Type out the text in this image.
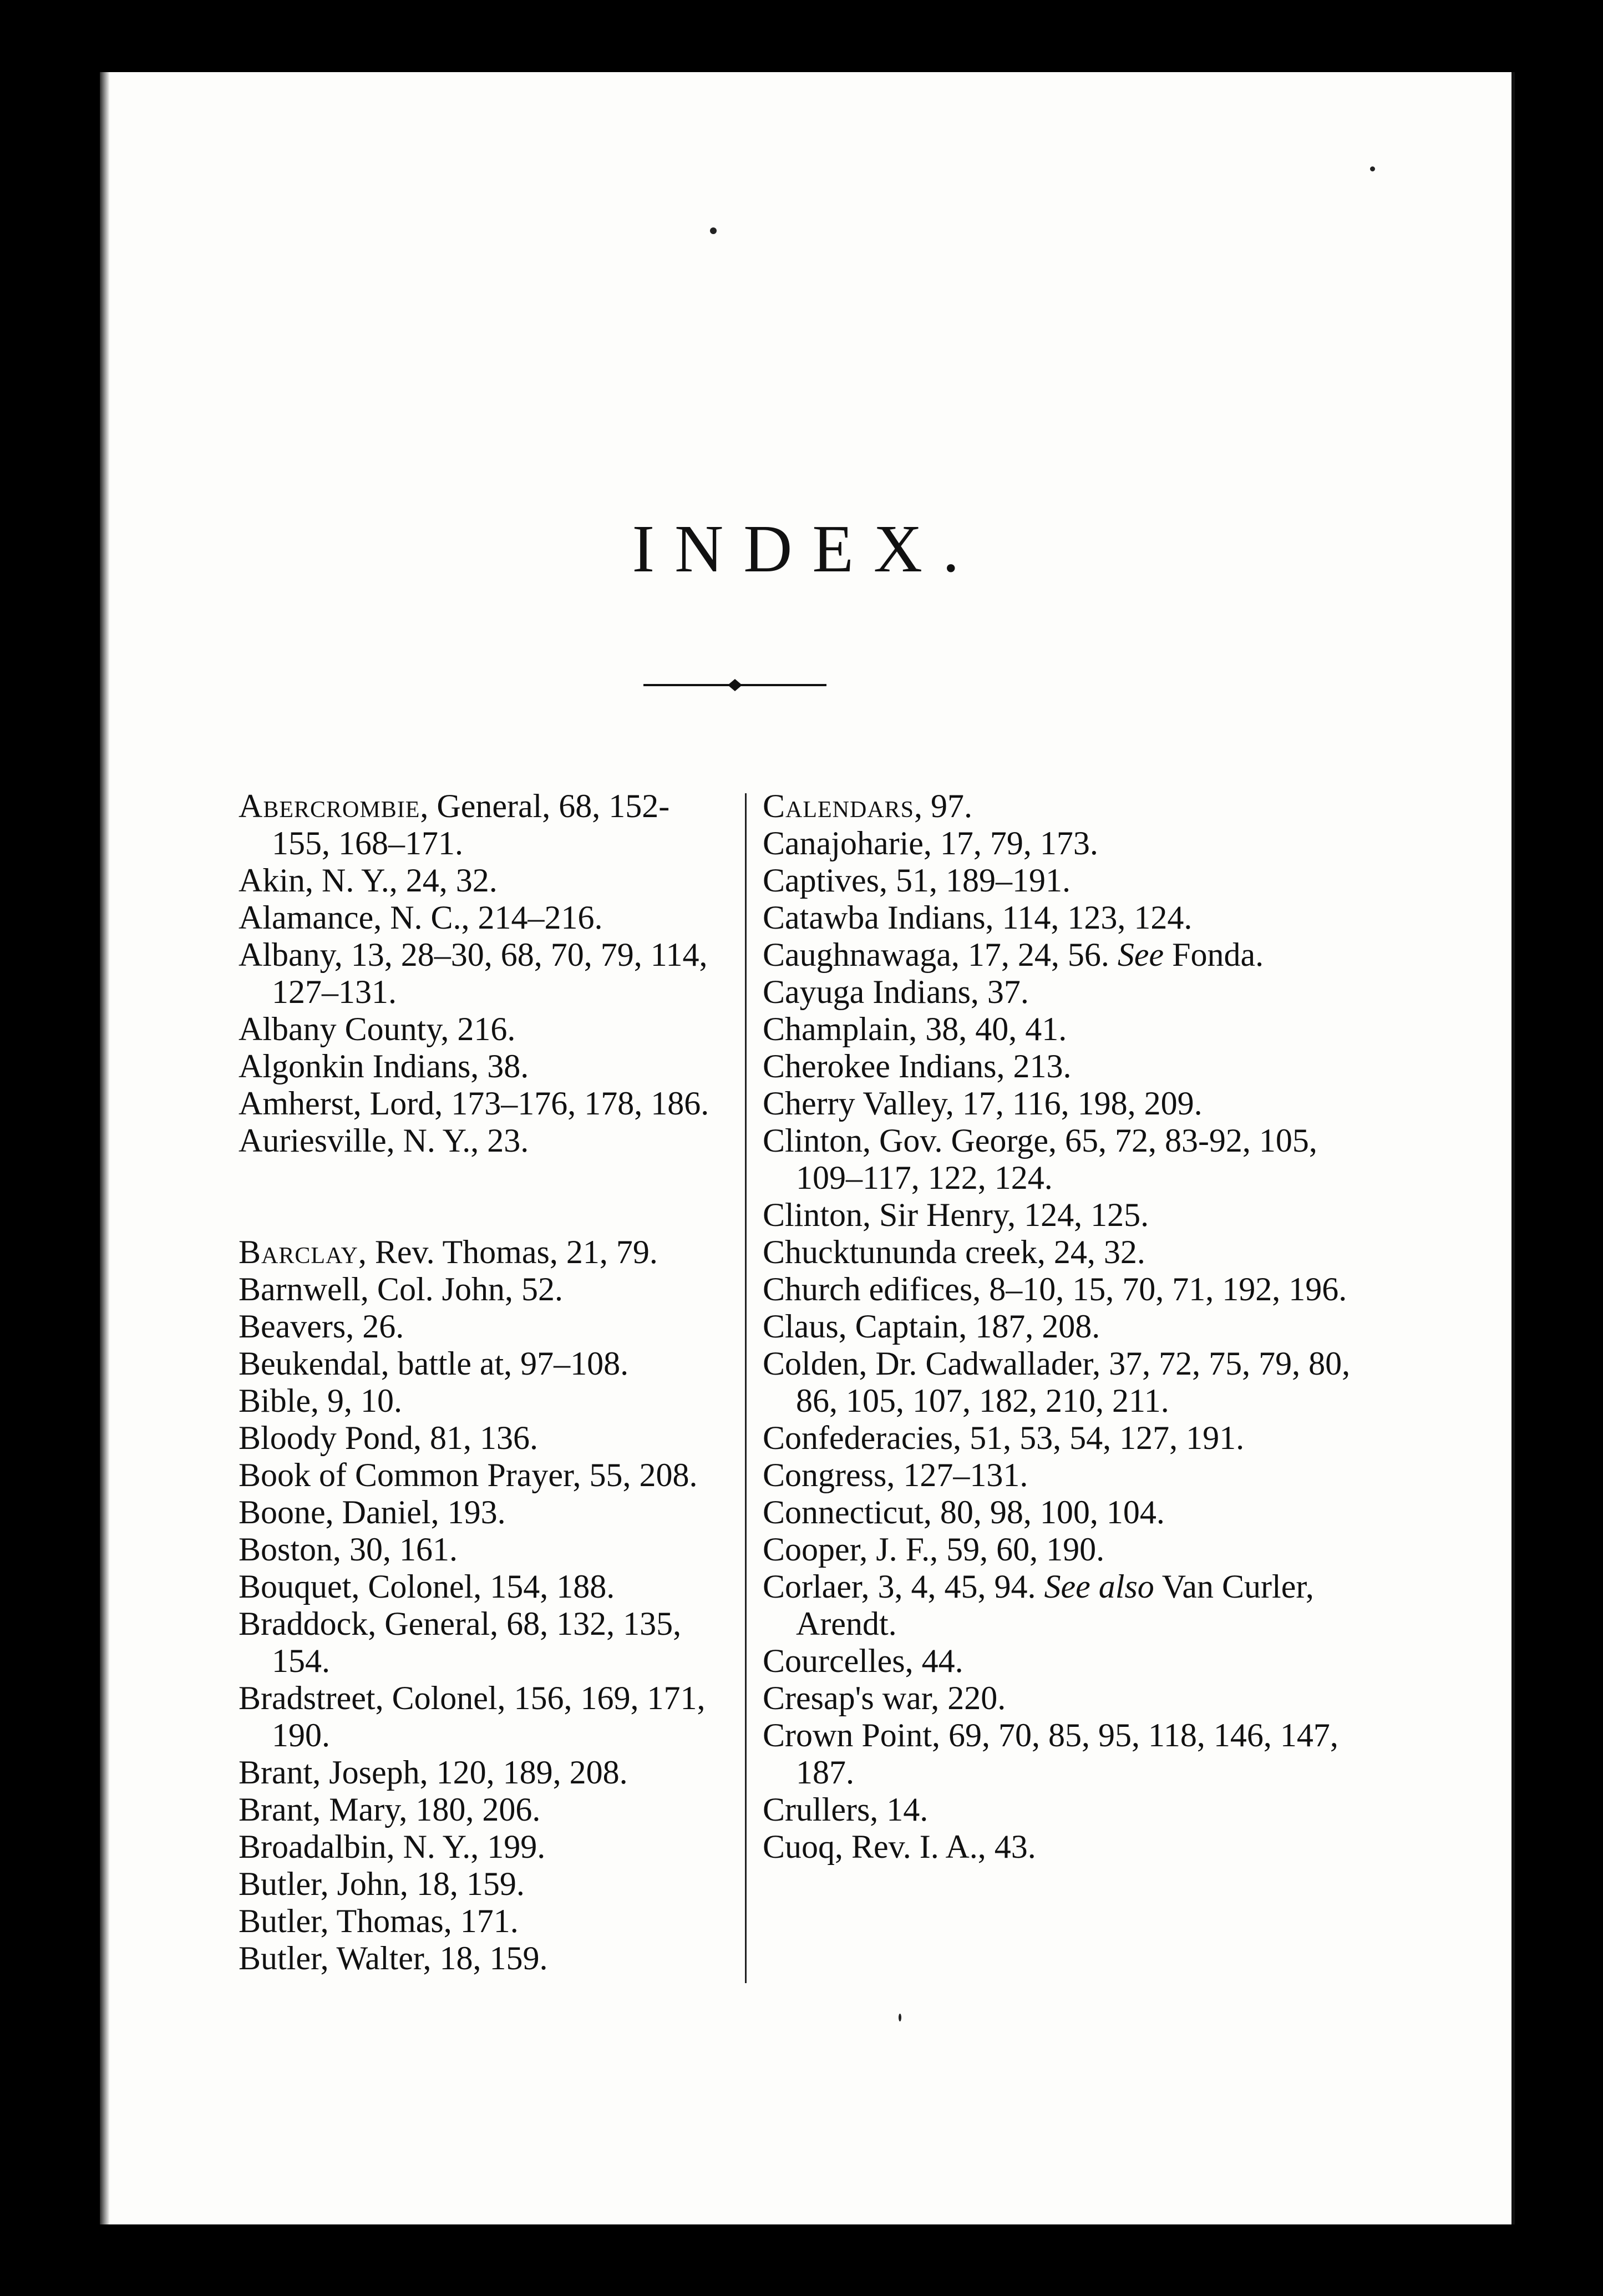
INDEX.
Abercrombie, General, 68, 152-155, 168–171.
Akin, N. Y., 24, 32.
Alamance, N. C., 214–216.
Albany, 13, 28–30, 68, 70, 79, 114, 127–131.
Albany County, 216.
Algonkin Indians, 38.
Amherst, Lord, 173–176, 178, 186.
Auriesville, N. Y., 23.
Barclay, Rev. Thomas, 21, 79.
Barnwell, Col. John, 52.
Beavers, 26.
Beukendal, battle at, 97–108.
Bible, 9, 10.
Bloody Pond, 81, 136.
Book of Common Prayer, 55, 208.
Boone, Daniel, 193.
Boston, 30, 161.
Bouquet, Colonel, 154, 188.
Braddock, General, 68, 132, 135, 154.
Bradstreet, Colonel, 156, 169, 171, 190.
Brant, Joseph, 120, 189, 208.
Brant, Mary, 180, 206.
Broadalbin, N. Y., 199.
Butler, John, 18, 159.
Butler, Thomas, 171.
Butler, Walter, 18, 159.
Calendars, 97.
Canajoharie, 17, 79, 173.
Captives, 51, 189–191.
Catawba Indians, 114, 123, 124.
Caughnawaga, 17, 24, 56. See Fonda.
Cayuga Indians, 37.
Champlain, 38, 40, 41.
Cherokee Indians, 213.
Cherry Valley, 17, 116, 198, 209.
Clinton, Gov. George, 65, 72, 83-92, 105, 109–117, 122, 124.
Clinton, Sir Henry, 124, 125.
Chucktununda creek, 24, 32.
Church edifices, 8–10, 15, 70, 71, 192, 196.
Claus, Captain, 187, 208.
Colden, Dr. Cadwallader, 37, 72, 75, 79, 80, 86, 105, 107, 182, 210, 211.
Confederacies, 51, 53, 54, 127, 191.
Congress, 127–131.
Connecticut, 80, 98, 100, 104.
Cooper, J. F., 59, 60, 190.
Corlaer, 3, 4, 45, 94. See also Van Curler, Arendt.
Courcelles, 44.
Cresap's war, 220.
Crown Point, 69, 70, 85, 95, 118, 146, 147, 187.
Crullers, 14.
Cuoq, Rev. I. A., 43.
